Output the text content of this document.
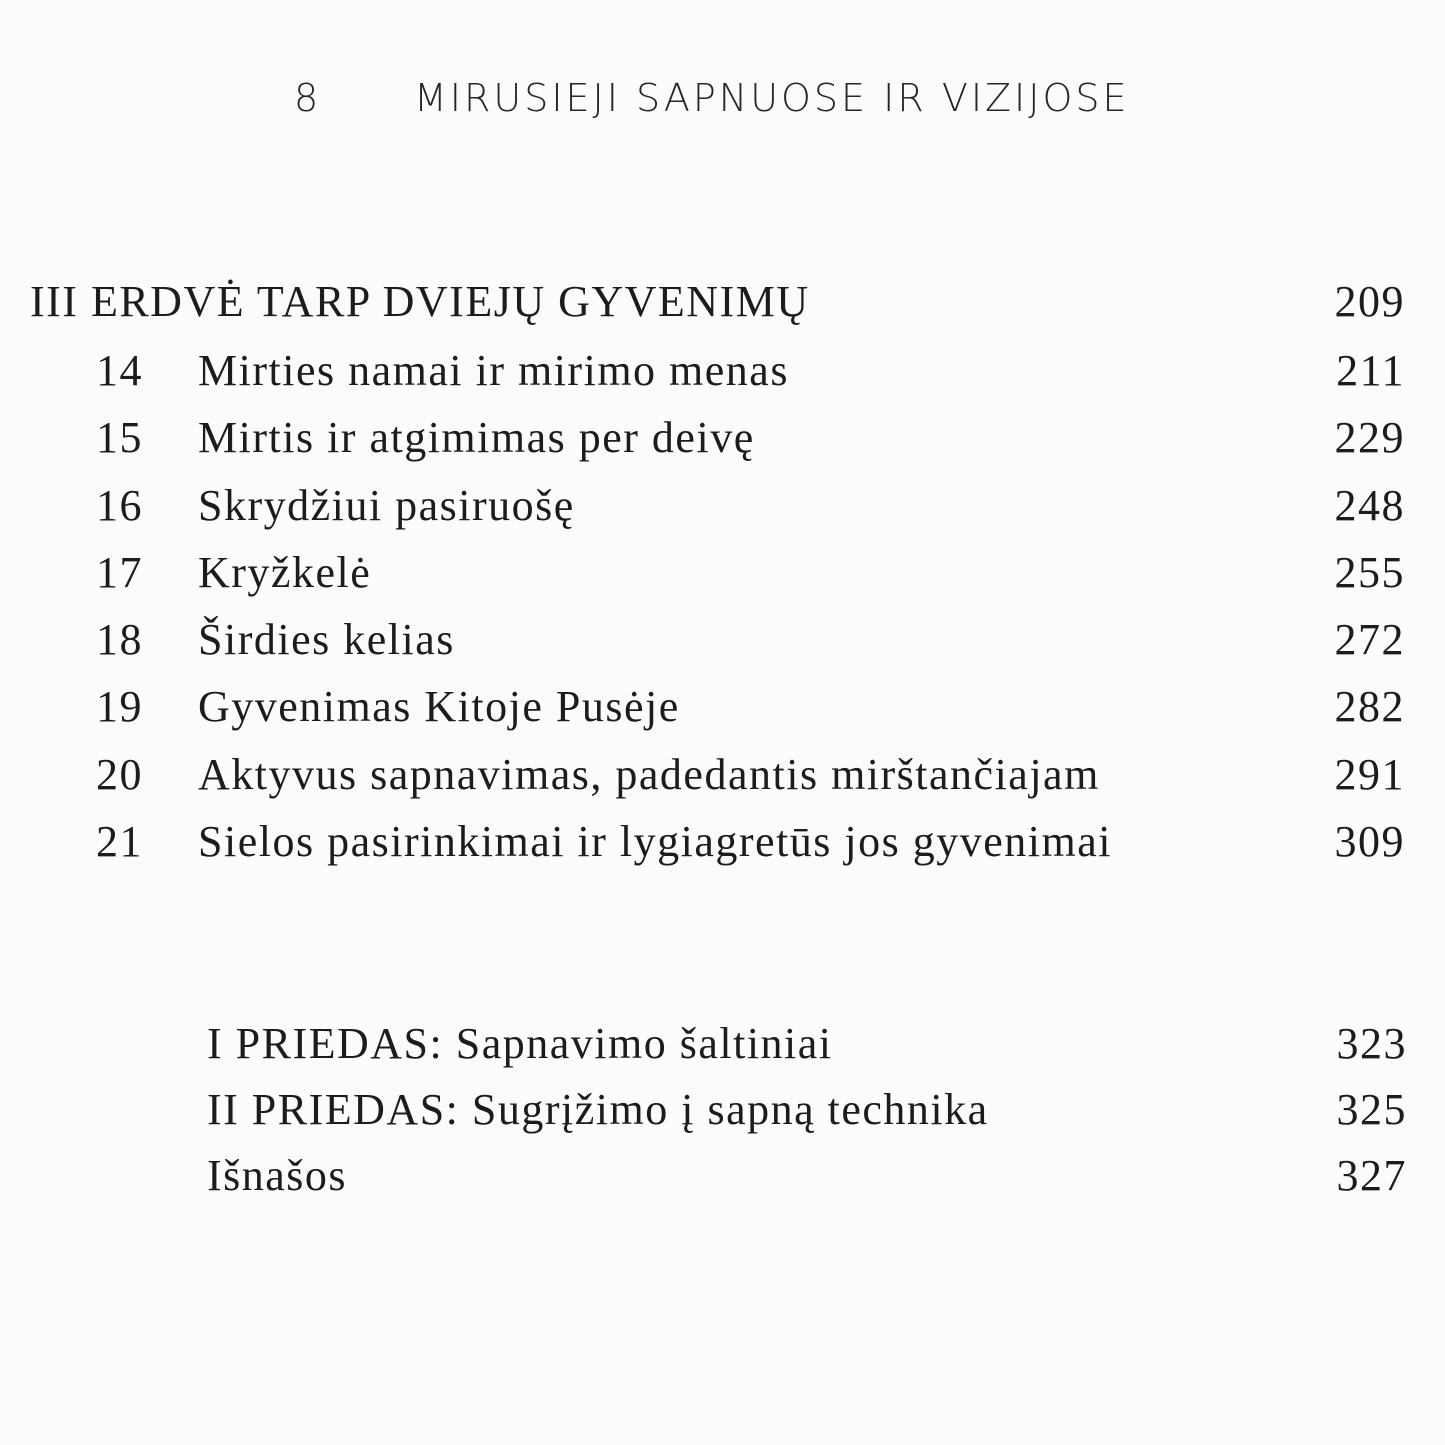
8 MIRUSIEJI SAPNUOSE IR VIZIJOSE
III ERDVĖ TARP DVIEJŲ GYVENIMŲ	209
14 Mirties namai ir mirimo menas	211
15 Mirtis ir atgimimas per deivę	229
16 Skrydžiui pasiruošę	248
17 Kryžkelė	255
18 Širdies kelias	272
19 Gyvenimas Kitoje Pusėje	282
20 Aktyvus sapnavimas, padedantis mirštančiajam	291
21 Sielos pasirinkimai ir lygiagretūs jos gyvenimai	309
I PRIEDAS: Sapnavimo šaltiniai	323
II PRIEDAS: Sugrįžimo į sapną technika	325
Išnašos	327
